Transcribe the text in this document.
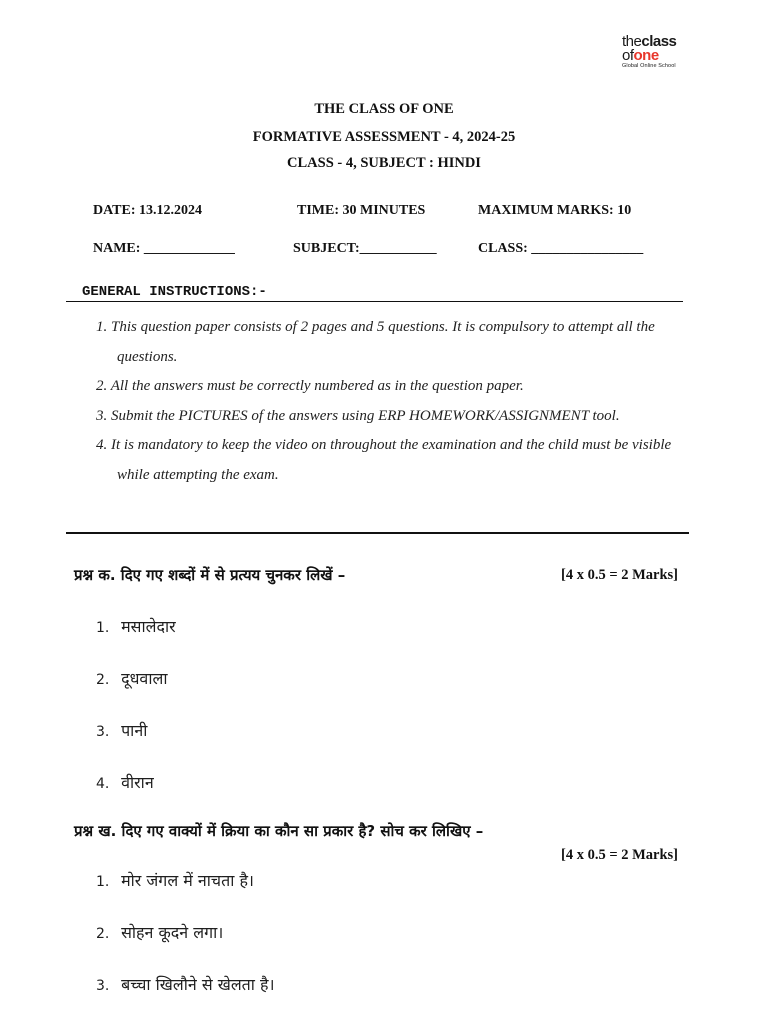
theclass
ofone
Global Online School
THE CLASS OF ONE
FORMATIVE ASSESSMENT - 4, 2024-25
CLASS - 4, SUBJECT : HINDI
DATE: 13.12.2024	TIME: 30 MINUTES	MAXIMUM MARKS: 10
NAME: _____________	SUBJECT:___________	CLASS: ________________
GENERAL INSTRUCTIONS:-
1. This question paper consists of 2 pages and 5 questions. It is compulsory to attempt all the questions.
2. All the answers must be correctly numbered as in the question paper.
3. Submit the PICTURES of the answers using ERP HOMEWORK/ASSIGNMENT tool.
4. It is mandatory to keep the video on throughout the examination and the child must be visible while attempting the exam.
प्रश्न क. दिए गए शब्दों में से प्रत्यय चुनकर लिखें –	[4 x 0.5 = 2 Marks]
1. मसालेदार
2. दूधवाला
3. पानी
4. वीरान
प्रश्न ख. दिए गए वाक्यों में क्रिया का कौन सा प्रकार है? सोच कर लिखिए –
[4 x 0.5 = 2 Marks]
1. मोर जंगल में नाचता है।
2. सोहन कूदने लगा।
3. बच्चा खिलौने से खेलता है।
